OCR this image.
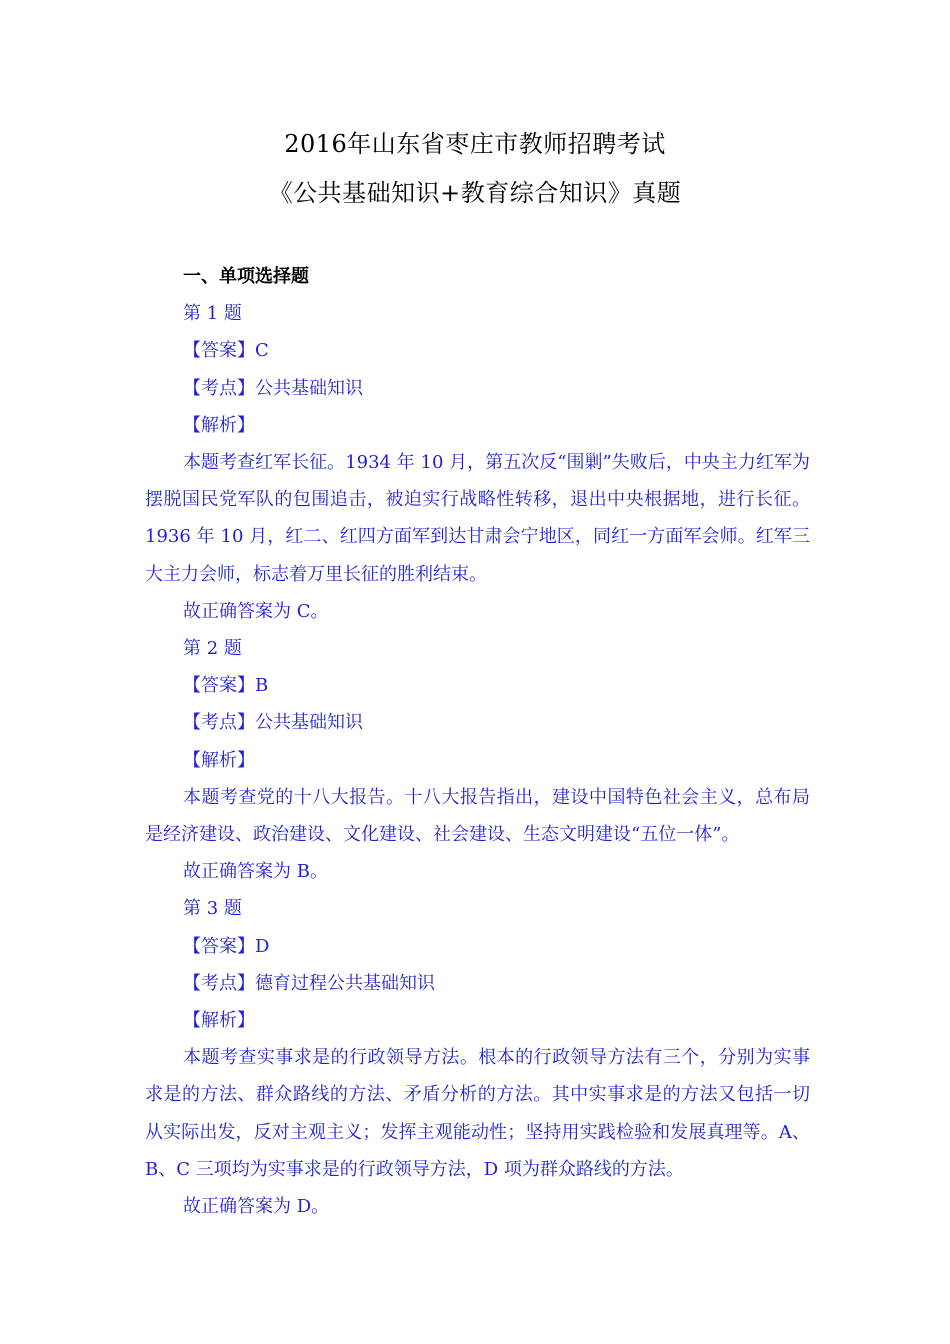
2016年山东省枣庄市教师招聘考试
《公共基础知识+教育综合知识》真题
一、单项选择题
第 1 题
【答案】C
【考点】公共基础知识
【解析】

本题考查红军长征。1934 年 10 月，第五次反“围剿”失败后，中央主力红军为摆脱国民党军队的包围追击，被迫实行战略性转移，退出中央根据地，进行长征。1936 年 10 月，红二、红四方面军到达甘肃会宁地区，同红一方面军会师。红军三大主力会师，标志着万里长征的胜利结束。

故正确答案为 C。
第 2 题
【答案】B
【考点】公共基础知识
【解析】

本题考查党的十八大报告。十八大报告指出，建设中国特色社会主义，总布局是经济建设、政治建设、文化建设、社会建设、生态文明建设“五位一体”。

故正确答案为 B。
第 3 题
【答案】D
【考点】德育过程公共基础知识
【解析】

本题考查实事求是的行政领导方法。根本的行政领导方法有三个，分别为实事求是的方法、群众路线的方法、矛盾分析的方法。其中实事求是的方法又包括一切从实际出发，反对主观主义；发挥主观能动性；坚持用实践检验和发展真理等。A、B、C 三项均为实事求是的行政领导方法，D 项为群众路线的方法。

故正确答案为 D。
